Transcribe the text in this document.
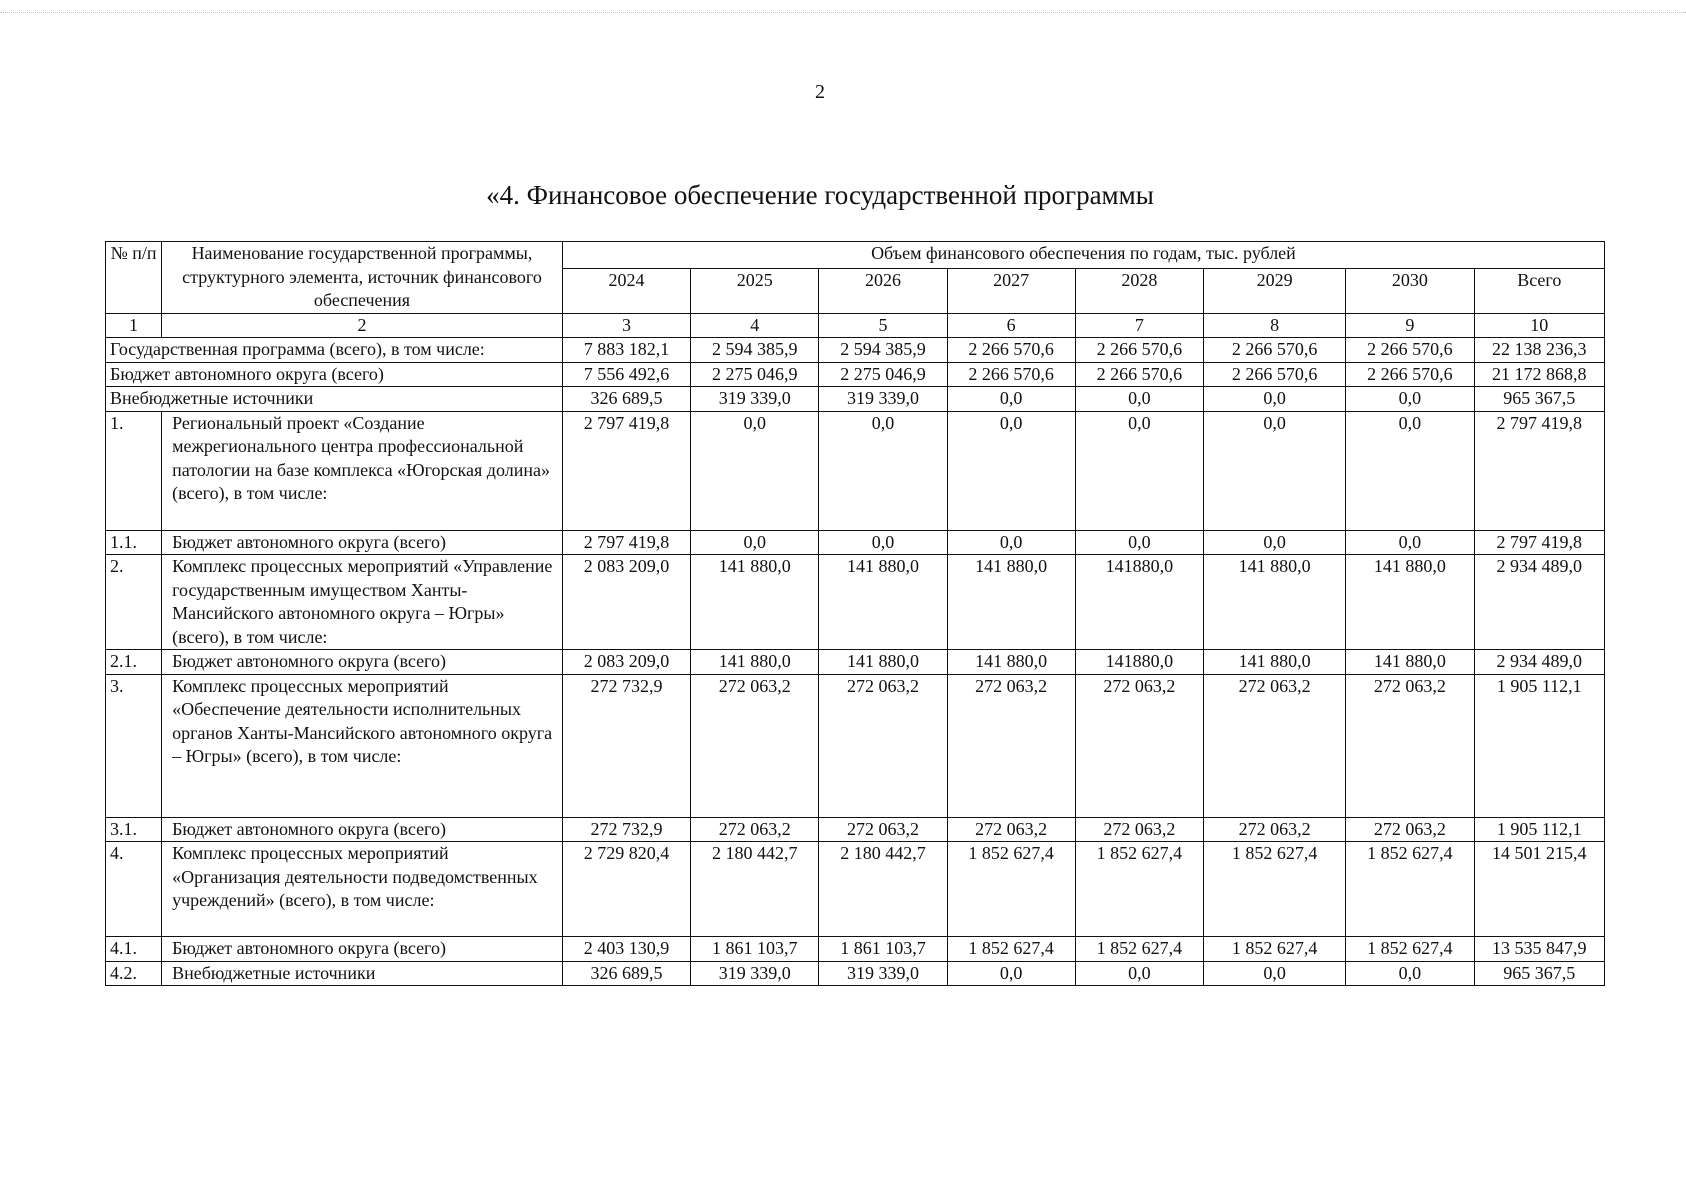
2
«4. Финансовое обеспечение государственной программы
№ п/п	Наименование государственной программы, структурного элемента, источник финансового обеспечения	Объем финансового обеспечения по годам, тыс. рублей							
		2024	2025	2026	2027	2028	2029	2030	Всего
1	2	3	4	5	6	7	8	9	10
Государственная программа (всего), в том числе:		7 883 182,1	2 594 385,9	2 594 385,9	2 266 570,6	2 266 570,6	2 266 570,6	2 266 570,6	22 138 236,3
Бюджет автономного округа (всего)		7 556 492,6	2 275 046,9	2 275 046,9	2 266 570,6	2 266 570,6	2 266 570,6	2 266 570,6	21 172 868,8
Внебюджетные источники		326 689,5	319 339,0	319 339,0	0,0	0,0	0,0	0,0	965 367,5
1.	Региональный проект «Создание межрегионального центра профессиональной патологии на базе комплекса «Югорская долина» (всего), в том числе:	2 797 419,8	0,0	0,0	0,0	0,0	0,0	0,0	2 797 419,8
1.1.	Бюджет автономного округа (всего)	2 797 419,8	0,0	0,0	0,0	0,0	0,0	0,0	2 797 419,8
2.	Комплекс процессных мероприятий «Управление государственным имуществом Ханты-Мансийского автономного округа – Югры» (всего), в том числе:	2 083 209,0	141 880,0	141 880,0	141 880,0	141880,0	141 880,0	141 880,0	2 934 489,0
2.1.	Бюджет автономного округа (всего)	2 083 209,0	141 880,0	141 880,0	141 880,0	141880,0	141 880,0	141 880,0	2 934 489,0
3.	Комплекс процессных мероприятий «Обеспечение деятельности исполнительных органов Ханты-Мансийского автономного округа – Югры» (всего), в том числе:	272 732,9	272 063,2	272 063,2	272 063,2	272 063,2	272 063,2	272 063,2	1 905 112,1
3.1.	Бюджет автономного округа (всего)	272 732,9	272 063,2	272 063,2	272 063,2	272 063,2	272 063,2	272 063,2	1 905 112,1
4.	Комплекс процессных мероприятий «Организация деятельности подведомственных учреждений» (всего), в том числе:	2 729 820,4	2 180 442,7	2 180 442,7	1 852 627,4	1 852 627,4	1 852 627,4	1 852 627,4	14 501 215,4
4.1.	Бюджет автономного округа (всего)	2 403 130,9	1 861 103,7	1 861 103,7	1 852 627,4	1 852 627,4	1 852 627,4	1 852 627,4	13 535 847,9
4.2.	Внебюджетные источники	326 689,5	319 339,0	319 339,0	0,0	0,0	0,0	0,0	965 367,5
